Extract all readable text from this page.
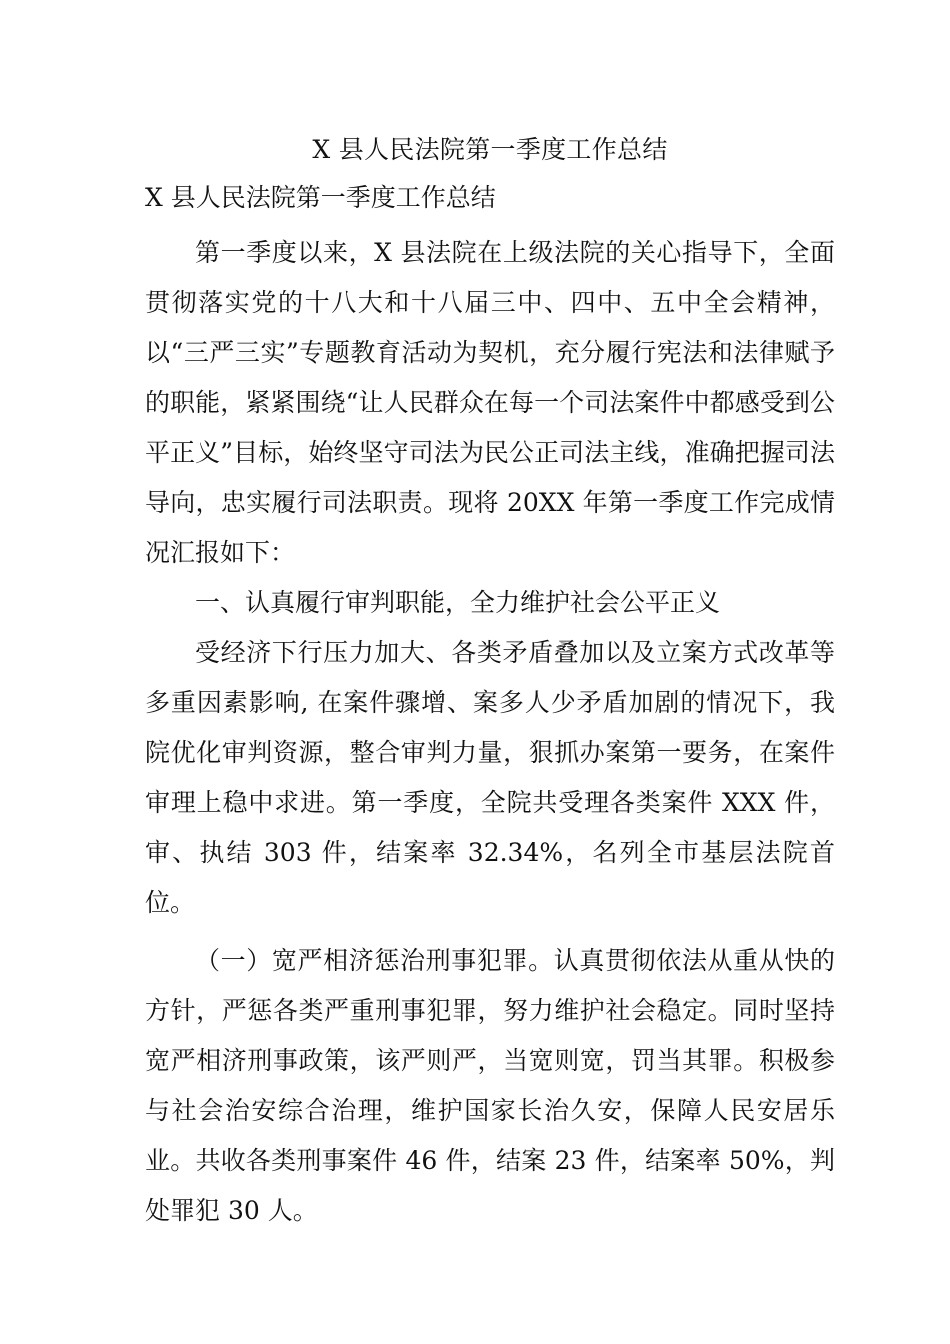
X 县人民法院第一季度工作总结
X 县人民法院第一季度工作总结

第一季度以来，X 县法院在上级法院的关心指导下，全面贯彻落实党的十八大和十八届三中、四中、五中全会精神，以“三严三实”专题教育活动为契机，充分履行宪法和法律赋予的职能，紧紧围绕“让人民群众在每一个司法案件中都感受到公平正义”目标，始终坚守司法为民公正司法主线，准确把握司法导向，忠实履行司法职责。现将 20XX 年第一季度工作完成情况汇报如下：

一、认真履行审判职能，全力维护社会公平正义

受经济下行压力加大、各类矛盾叠加以及立案方式改革等多重因素影响, 在案件骤增、案多人少矛盾加剧的情况下，我院优化审判资源，整合审判力量，狠抓办案第一要务，在案件审理上稳中求进。第一季度，全院共受理各类案件 XXX 件，审、执结 303 件，结案率 32.34%，名列全市基层法院首位。

（一）宽严相济惩治刑事犯罪。认真贯彻依法从重从快的方针，严惩各类严重刑事犯罪，努力维护社会稳定。同时坚持宽严相济刑事政策，该严则严，当宽则宽，罚当其罪。积极参与社会治安综合治理，维护国家长治久安，保障人民安居乐业。共收各类刑事案件 46 件，结案 23 件，结案率 50%，判处罪犯 30 人。
